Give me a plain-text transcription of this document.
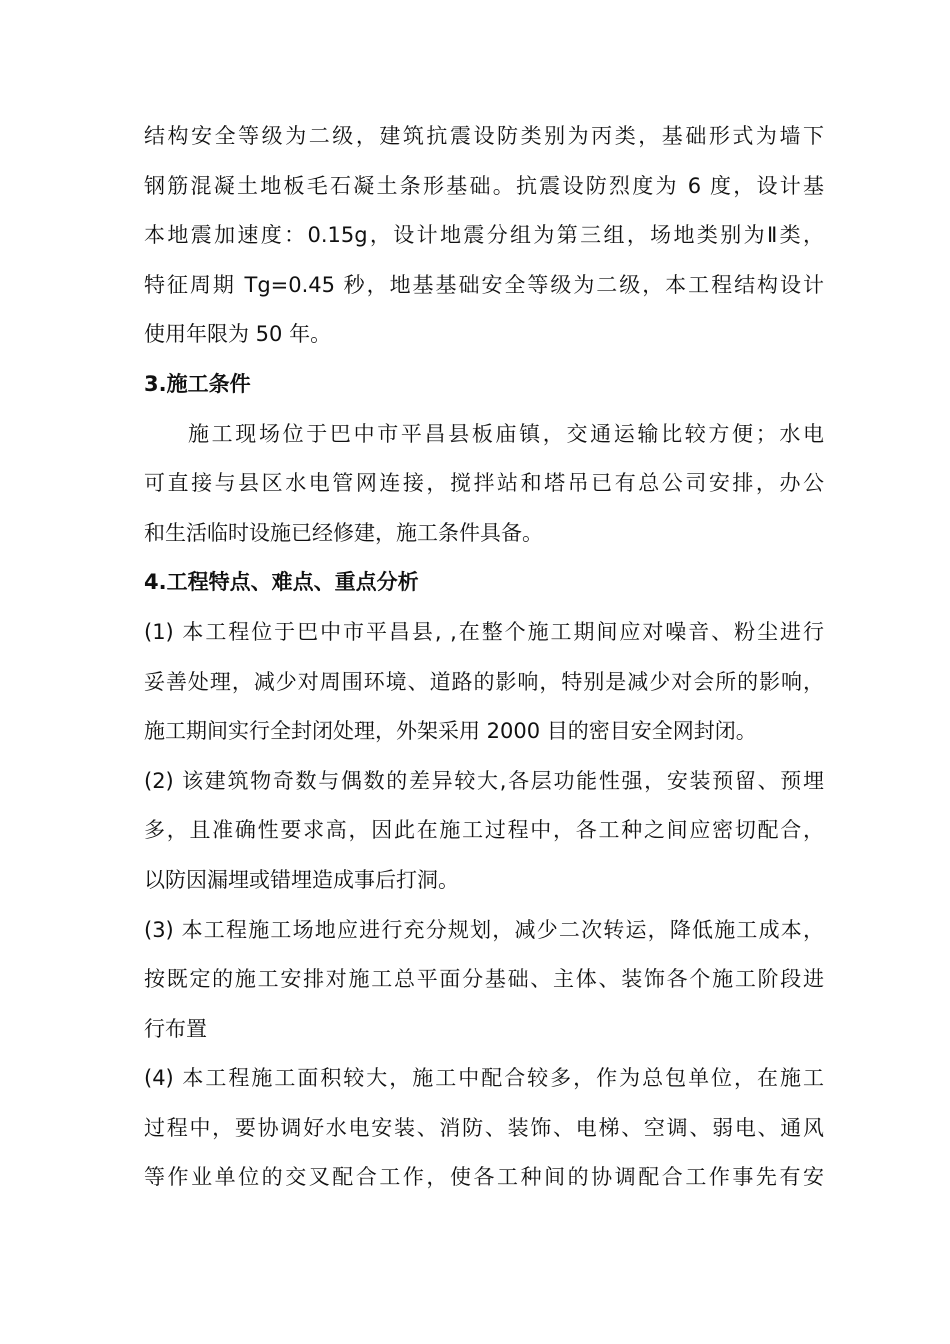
结构安全等级为二级，建筑抗震设防类别为丙类，基础形式为墙下
钢筋混凝土地板毛石凝土条形基础。抗震设防烈度为 6 度，设计基
本地震加速度：0.15g，设计地震分组为第三组，场地类别为Ⅱ类，
特征周期 Tg=0.45 秒，地基基础安全等级为二级，本工程结构设计
使用年限为 50 年。
3.施工条件
施工现场位于巴中市平昌县板庙镇，交通运输比较方便；水电
可直接与县区水电管网连接，搅拌站和塔吊已有总公司安排，办公
和生活临时设施已经修建，施工条件具备。
4.工程特点、难点、重点分析
(1) 本工程位于巴中市平昌县, ,在整个施工期间应对噪音、粉尘进行
妥善处理，减少对周围环境、道路的影响，特别是减少对会所的影响，
施工期间实行全封闭处理，外架采用 2000 目的密目安全网封闭。
(2) 该建筑物奇数与偶数的差异较大,各层功能性强，安装预留、预埋
多，且准确性要求高，因此在施工过程中，各工种之间应密切配合，
以防因漏埋或错埋造成事后打洞。
(3) 本工程施工场地应进行充分规划，减少二次转运，降低施工成本，
按既定的施工安排对施工总平面分基础、主体、装饰各个施工阶段进
行布置
(4) 本工程施工面积较大，施工中配合较多，作为总包单位，在施工
过程中，要协调好水电安装、消防、装饰、电梯、空调、弱电、通风
等作业单位的交叉配合工作，使各工种间的协调配合工作事先有安
